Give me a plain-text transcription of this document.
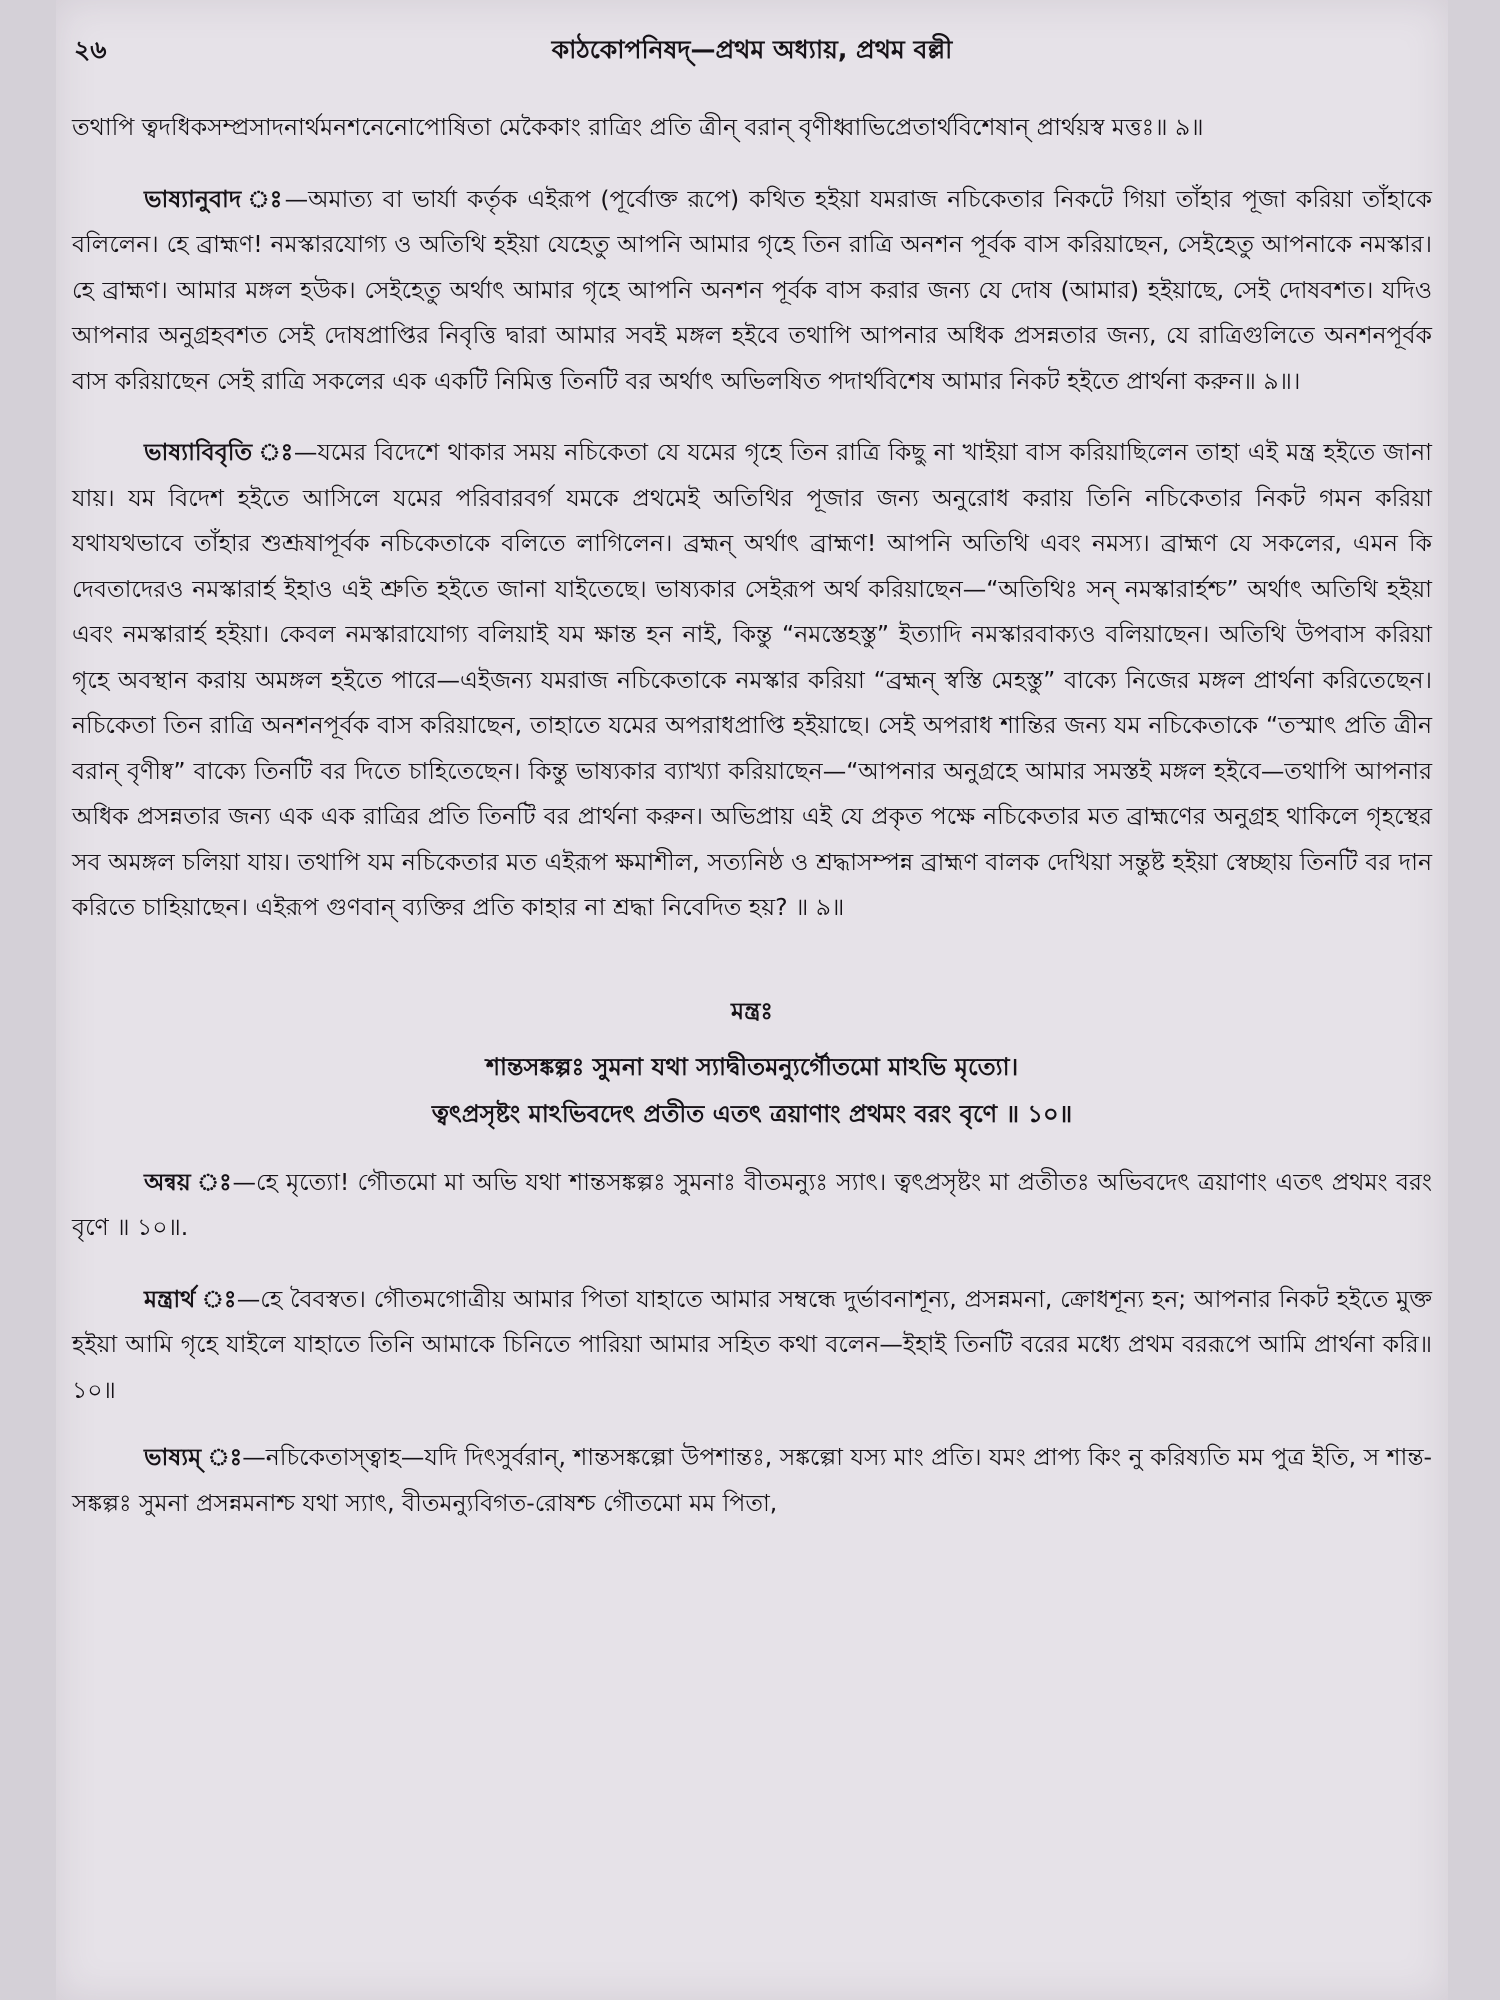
২৬	কাঠকোপনিষদ্‌—প্রথম অধ্যায়, প্রথম বল্লী

তথাপি ত্বদধিকসম্প্রসাদনার্থমনশনেনোপোষিতা মেকৈকাং রাত্রিং প্রতি ত্রীন্‌ বরান্‌ বৃণীধ্বাভিপ্রেতার্থবিশেষান্‌ প্রার্থয়স্ব মত্তঃ॥ ৯॥

ভাষ্যানুবাদ ঃ—অমাত্য বা ভার্যা কর্তৃক এইরূপ (পূর্বোক্ত রূপে) কথিত হইয়া যমরাজ নচিকেতার নিকটে গিয়া তাঁহার পূজা করিয়া তাঁহাকে বলিলেন। হে ব্রাহ্মণ! নমস্কারযোগ্য ও অতিথি হইয়া যেহেতু আপনি আমার গৃহে তিন রাত্রি অনশন পূর্বক বাস করিয়াছেন, সেইহেতু আপনাকে নমস্কার। হে ব্রাহ্মণ। আমার মঙ্গল হউক। সেইহেতু অর্থাৎ আমার গৃহে আপনি অনশন পূর্বক বাস করার জন্য যে দোষ (আমার) হইয়াছে, সেই দোষবশত। যদিও আপনার অনুগ্রহবশত সেই দোষপ্রাপ্তির নিবৃত্তি দ্বারা আমার সবই মঙ্গল হইবে তথাপি আপনার অধিক প্রসন্নতার জন্য, যে রাত্রিগুলিতে অনশনপূর্বক বাস করিয়াছেন সেই রাত্রি সকলের এক একটি নিমিত্ত তিনটি বর অর্থাৎ অভিলষিত পদার্থবিশেষ আমার নিকট হইতে প্রার্থনা করুন॥ ৯॥।

ভাষ্যাবিবৃতি ঃ—যমের বিদেশে থাকার সময় নচিকেতা যে যমের গৃহে তিন রাত্রি কিছু না খাইয়া বাস করিয়াছিলেন তাহা এই মন্ত্র হইতে জানা যায়। যম বিদেশ হইতে আসিলে যমের পরিবারবর্গ যমকে প্রথমেই অতিথির পূজার জন্য অনুরোধ করায় তিনি নচিকেতার নিকট গমন করিয়া যথাযথভাবে তাঁহার শুশ্রূষাপূর্বক নচিকেতাকে বলিতে লাগিলেন। ব্রহ্মন্‌ অর্থাৎ ব্রাহ্মণ! আপনি অতিথি এবং নমস্য। ব্রাহ্মণ যে সকলের, এমন কি দেবতাদেরও নমস্কারার্হ ইহাও এই শ্রুতি হইতে জানা যাইতেছে। ভাষ্যকার সেইরূপ অর্থ করিয়াছেন—“অতিথিঃ সন্‌ নমস্কারার্হশ্চ” অর্থাৎ অতিথি হইয়া এবং নমস্কারার্হ হইয়া। কেবল নমস্কারাযোগ্য বলিয়াই যম ক্ষান্ত হন নাই, কিন্তু “নমস্তেহস্তু” ইত্যাদি নমস্কারবাক্যও বলিয়াছেন। অতিথি উপবাস করিয়া গৃহে অবস্থান করায় অমঙ্গল হইতে পারে—এইজন্য যমরাজ নচিকেতাকে নমস্কার করিয়া “ব্রহ্মন্‌ স্বস্তি মেহস্তু” বাক্যে নিজের মঙ্গল প্রার্থনা করিতেছেন। নচিকেতা তিন রাত্রি অনশনপূর্বক বাস করিয়াছেন, তাহাতে যমের অপরাধপ্রাপ্তি হইয়াছে। সেই অপরাধ শান্তির জন্য যম নচিকেতাকে “তস্মাৎ প্রতি ত্রীন বরান্‌ বৃণীষ্ব” বাক্যে তিনটি বর দিতে চাহিতেছেন। কিন্তু ভাষ্যকার ব্যাখ্যা করিয়াছেন—“আপনার অনুগ্রহে আমার সমস্তই মঙ্গল হইবে—তথাপি আপনার অধিক প্রসন্নতার জন্য এক এক রাত্রির প্রতি তিনটি বর প্রার্থনা করুন। অভিপ্রায় এই যে প্রকৃত পক্ষে নচিকেতার মত ব্রাহ্মণের অনুগ্রহ থাকিলে গৃহস্থের সব অমঙ্গল চলিয়া যায়। তথাপি যম নচিকেতার মত এইরূপ ক্ষমাশীল, সত্যনিষ্ঠ ও শ্রদ্ধাসম্পন্ন ব্রাহ্মণ বালক দেখিয়া সন্তুষ্ট হইয়া স্বেচ্ছায় তিনটি বর দান করিতে চাহিয়াছেন। এইরূপ গুণবান্‌ ব্যক্তির প্রতি কাহার না শ্রদ্ধা নিবেদিত হয়? ॥ ৯॥

মন্ত্রঃ

শান্তসঙ্কল্পঃ সুমনা যথা স্যাদ্বীতমন্যুর্গৌতমো মাঽভি মৃত্যো।

ত্বৎপ্রসৃষ্টং মাঽভিবদেৎ প্রতীত এতৎ ত্রয়াণাং প্রথমং বরং বৃণে ॥ ১০॥

অন্বয় ঃ—হে মৃত্যো! গৌতমো মা অভি যথা শান্তসঙ্কল্পঃ সুমনাঃ বীতমন্যুঃ স্যাৎ। ত্বৎপ্রসৃষ্টং মা প্রতীতঃ অভিবদেৎ ত্রয়াণাং এতৎ প্রথমং বরং বৃণে ॥ ১০॥.

মন্ত্রার্থ ঃ—হে বৈবস্বত। গৌতমগোত্রীয় আমার পিতা যাহাতে আমার সম্বন্ধে দুর্ভাবনাশূন্য, প্রসন্নমনা, ক্রোধশূন্য হন; আপনার নিকট হইতে মুক্ত হইয়া আমি গৃহে যাইলে যাহাতে তিনি আমাকে চিনিতে পারিয়া আমার সহিত কথা বলেন—ইহাই তিনটি বরের মধ্যে প্রথম বররূপে আমি প্রার্থনা করি॥ ১০॥

ভাষ্যম্‌ ঃ—নচিকেতাস্ত্বাহ—যদি দিৎসুর্বরান্‌, শান্তসঙ্কল্পো উপশান্তঃ, সঙ্কল্পো যস্য মাং প্রতি। যমং প্রাপ্য কিং নু করিষ্যতি মম পুত্র ইতি, স শান্ত-সঙ্কল্পঃ সুমনা প্রসন্নমনাশ্চ যথা স্যাৎ, বীতমন্যুবিগত-রোষশ্চ গৌতমো মম পিতা,
